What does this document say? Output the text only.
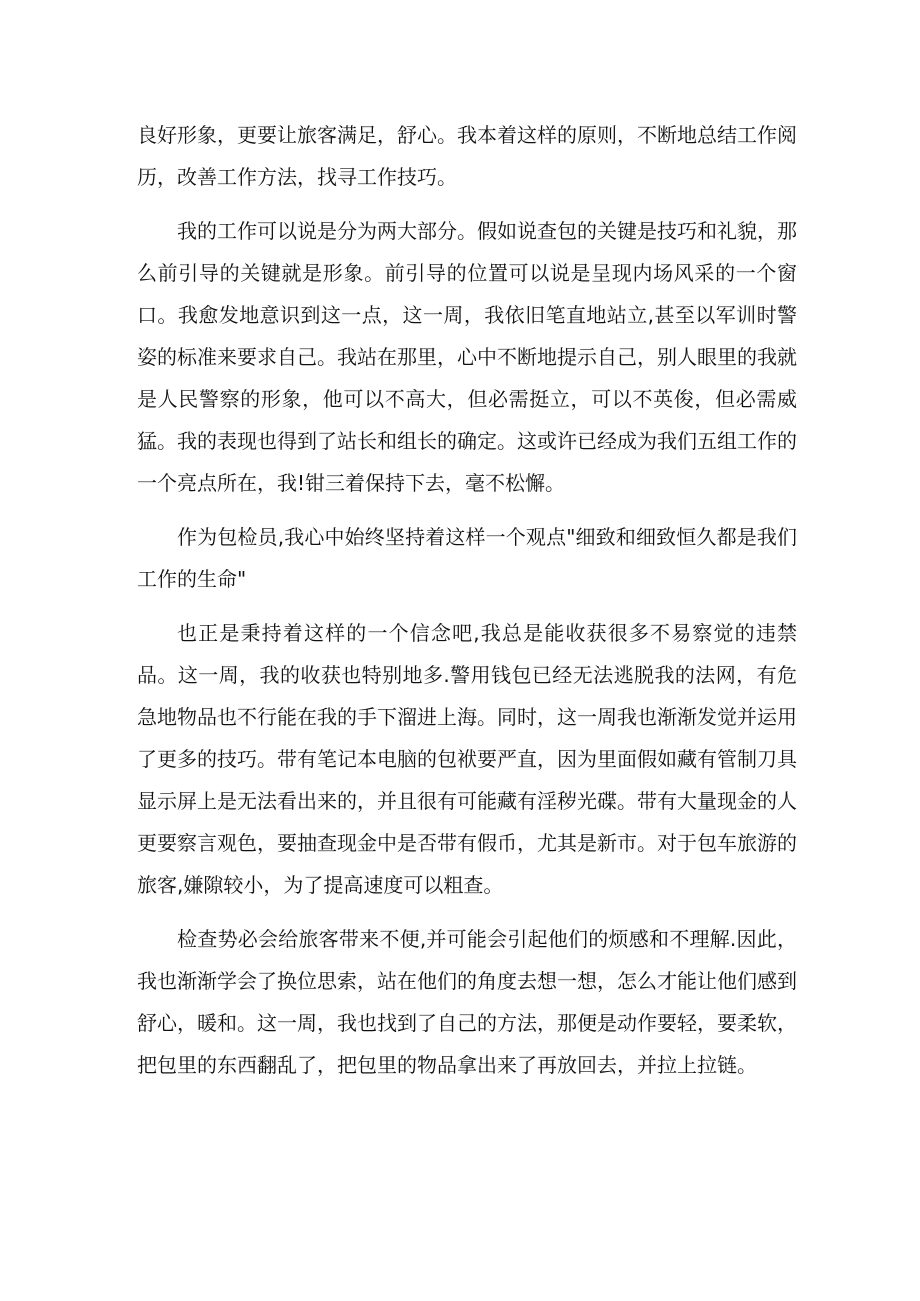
良好形象，更要让旅客满足，舒心。我本着这样的原则，不断地总结工作阅历，改善工作方法，找寻工作技巧。

我的工作可以说是分为两大部分。假如说查包的关键是技巧和礼貌，那么前引导的关键就是形象。前引导的位置可以说是呈现内场风采的一个窗口。我愈发地意识到这一点，这一周，我依旧笔直地站立,甚至以军训时警姿的标准来要求自己。我站在那里，心中不断地提示自己，别人眼里的我就是人民警察的形象，他可以不高大，但必需挺立，可以不英俊，但必需威猛。我的表现也得到了站长和组长的确定。这或许已经成为我们五组工作的一个亮点所在，我!钳三着保持下去，毫不松懈。

作为包检员,我心中始终坚持着这样一个观点"细致和细致恒久都是我们工作的生命"

也正是秉持着这样的一个信念吧,我总是能收获很多不易察觉的违禁品。这一周，我的收获也特别地多.警用钱包已经无法逃脱我的法网，有危急地物品也不行能在我的手下溜进上海。同时，这一周我也渐渐发觉并运用了更多的技巧。带有笔记本电脑的包袱要严直，因为里面假如藏有管制刀具显示屏上是无法看出来的，并且很有可能藏有淫秽光碟。带有大量现金的人更要察言观色，要抽查现金中是否带有假币，尤其是新市。对于包车旅游的旅客,嫌隙较小，为了提高速度可以粗查。

检查势必会给旅客带来不便,并可能会引起他们的烦感和不理解.因此，我也渐渐学会了换位思索，站在他们的角度去想一想，怎么才能让他们感到舒心，暖和。这一周，我也找到了自己的方法，那便是动作要轻，要柔软，把包里的东西翻乱了，把包里的物品拿出来了再放回去，并拉上拉链。
